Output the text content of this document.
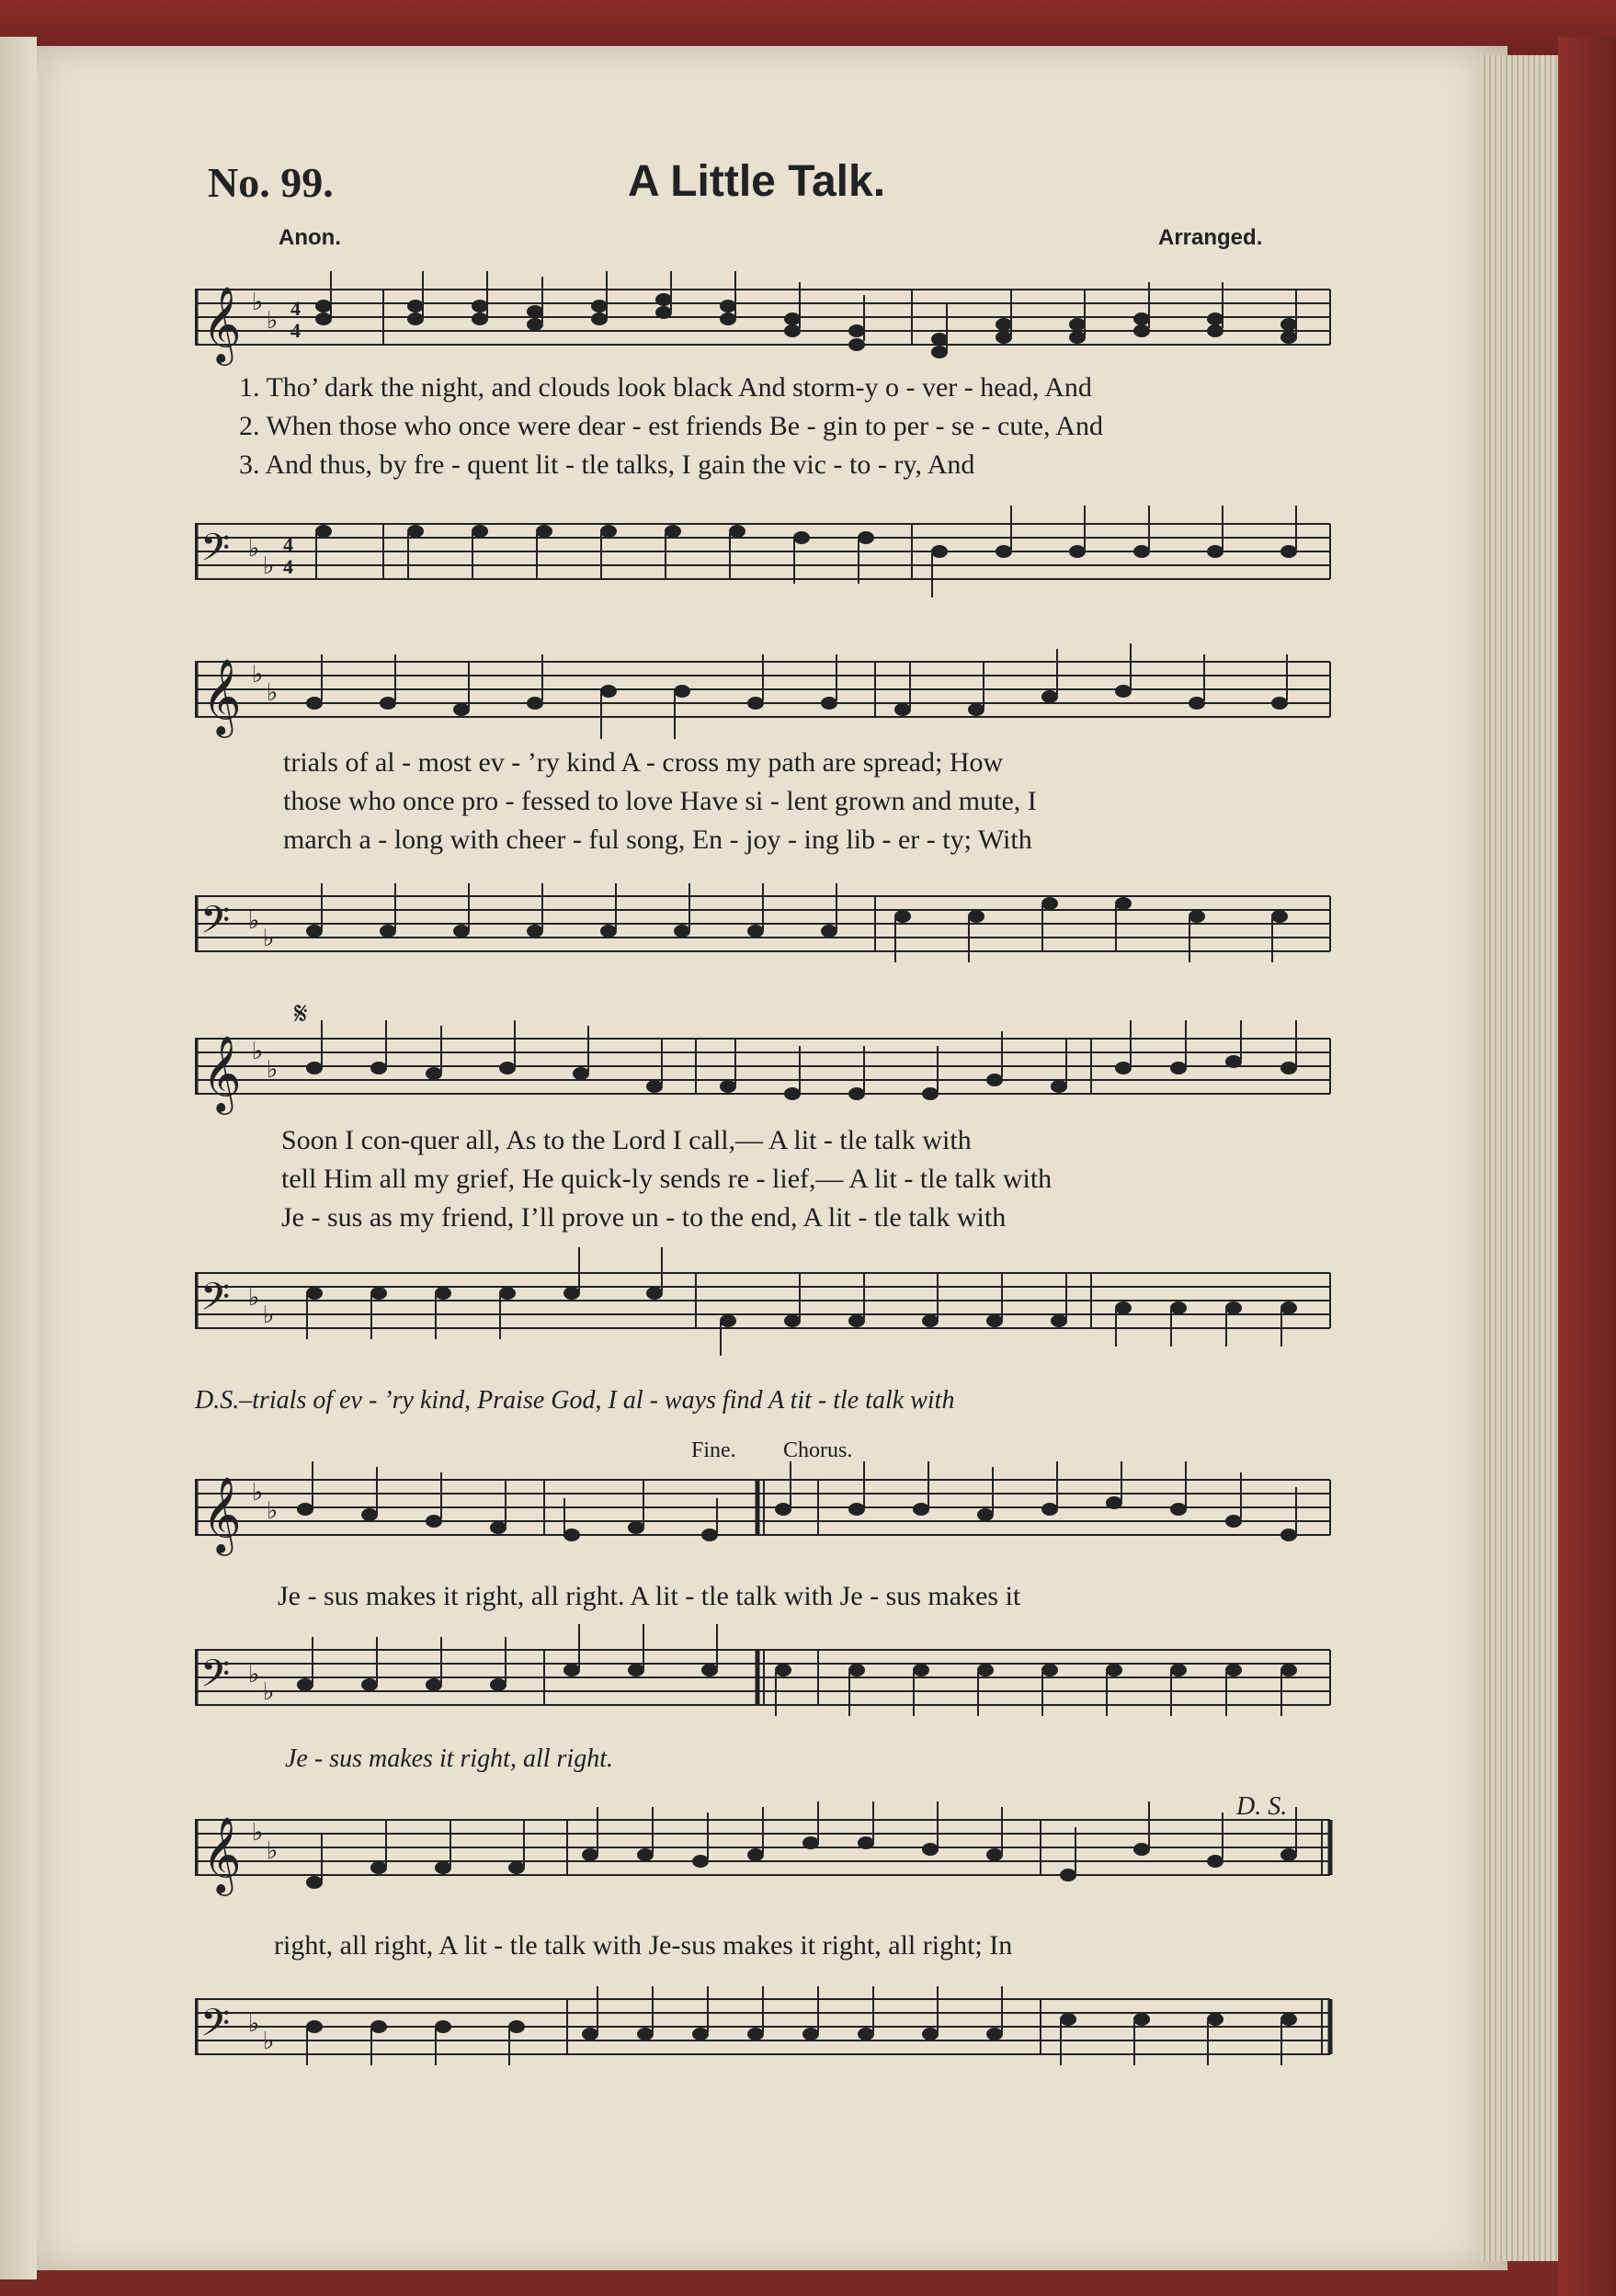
No. 99.	A Little Talk.
Anon.	Arranged.
𝄞 ♭
♭ 4
4
1. Tho’ dark the night, and clouds look black And storm-y o - ver - head, And
2. When those who once were dear - est friends Be - gin to per - se - cute, And
3. And thus, by fre - quent lit - tle talks, I gain the vic - to - ry, And
𝄢 ♭
♭
4
4
𝄞 ♭
♭
trials of al - most ev - ’ry kind A - cross my path are spread; How
those who once pro - fessed to love Have si - lent grown and mute, I
march a - long with cheer - ful song, En - joy - ing lib - er - ty; With
𝄢 ♭
♭
𝄋
𝄞 ♭
♭
Soon I con-quer all, As to the Lord I call,— A lit - tle talk with
tell Him all my grief, He quick-ly sends re - lief,— A lit - tle talk with
Je - sus as my friend, I’ll prove un - to the end, A lit - tle talk with
𝄢 ♭
♭
D.S.–trials of ev - ’ry kind, Praise God, I al - ways find A tit - tle talk with
Fine. Chorus.
𝄞 ♭
♭
Je - sus makes it right, all right. A lit - tle talk with Je - sus makes it
𝄢 ♭
♭
Je - sus makes it right, all right.
D. S.
𝄞 ♭
♭
right, all right, A lit - tle talk with Je-sus makes it right, all right; In
𝄢 ♭
♭
